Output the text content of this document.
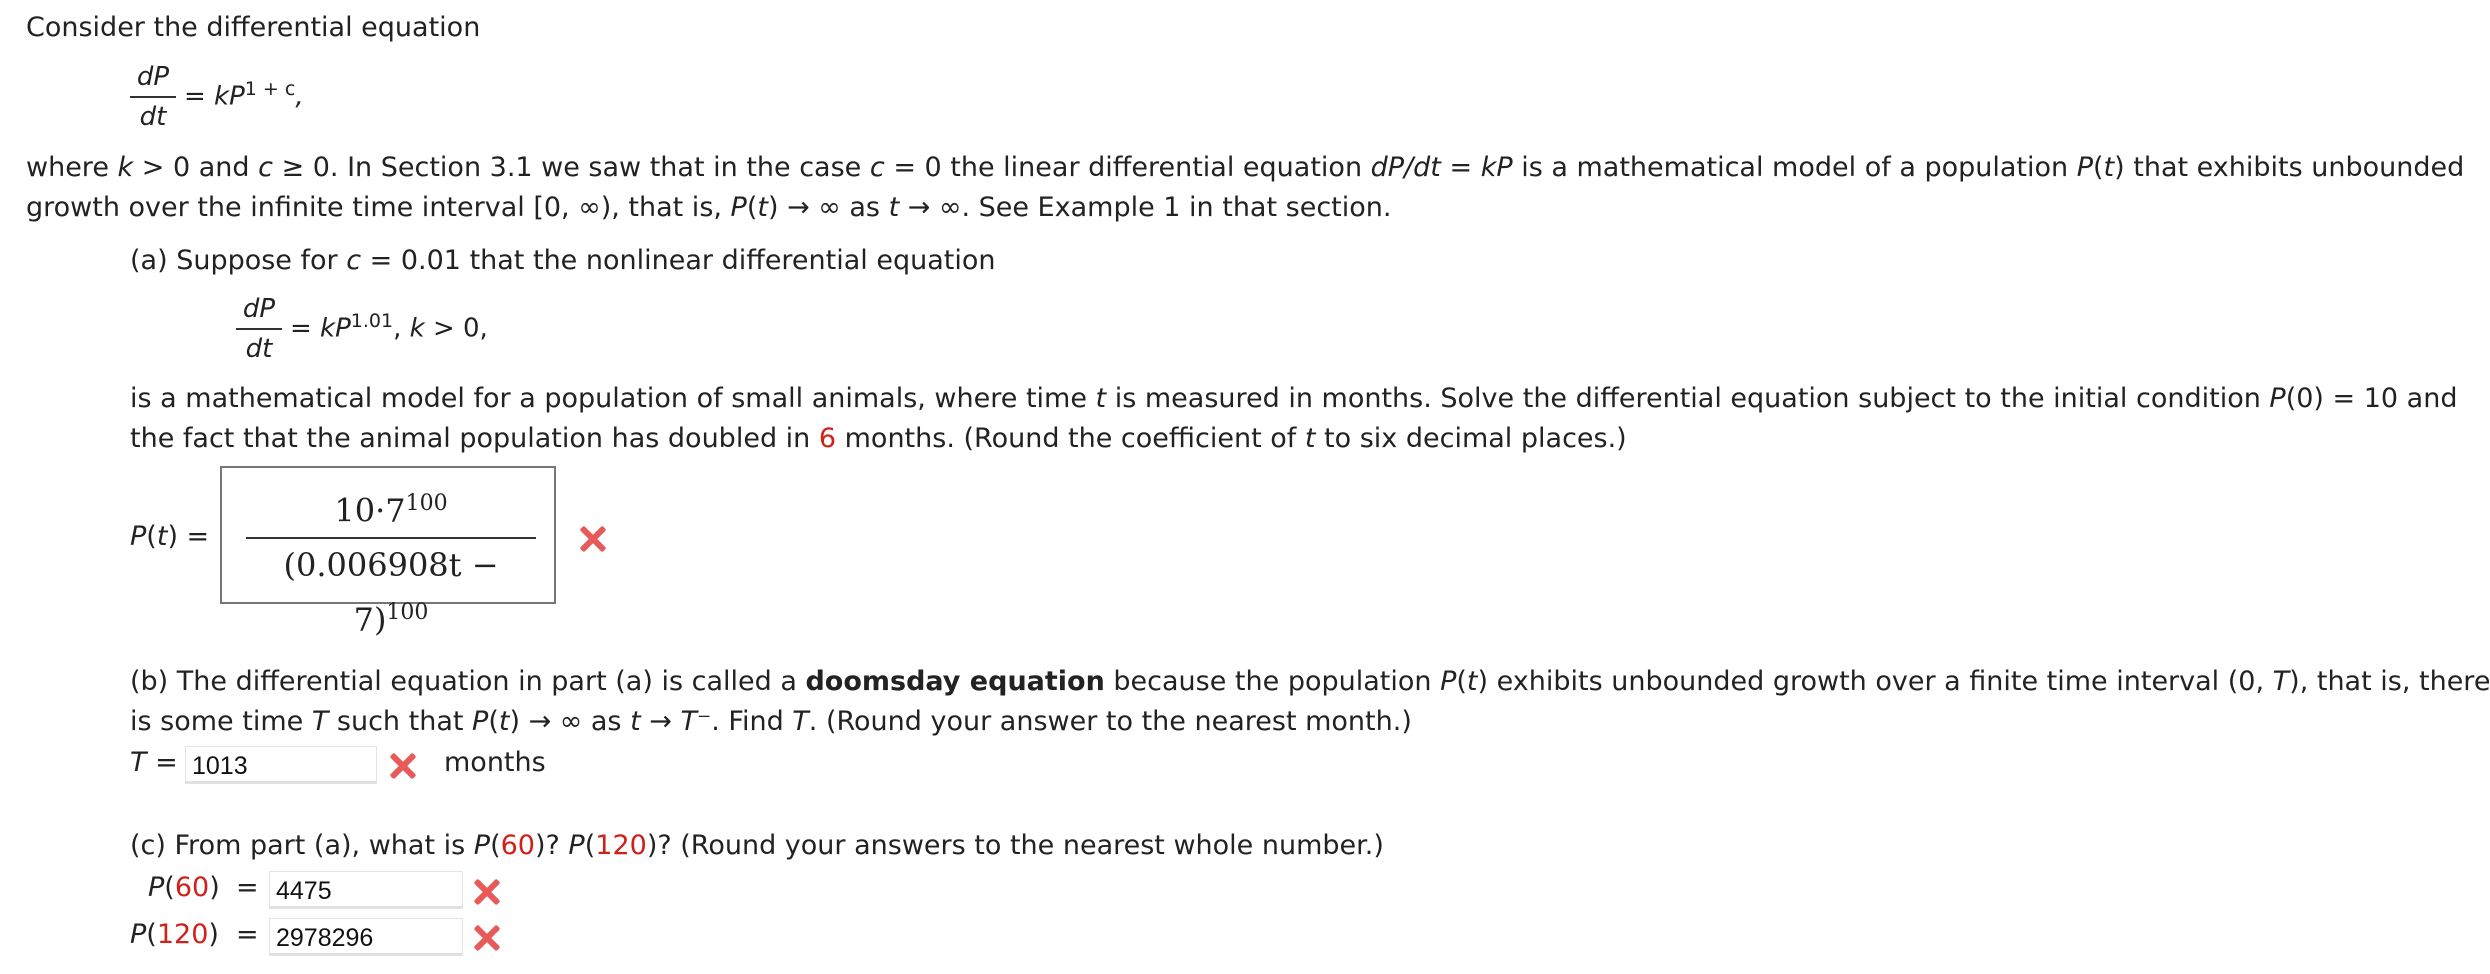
Consider the differential equation
dP
dt
= $kP^{1 + c}$,
where k > 0 and c ≥ 0. In Section 3.1 we saw that in the case c = 0 the linear differential equation dP/dt = kP is a mathematical model of a population P(t) that exhibits unbounded
growth over the infinite time interval [0, ∞), that is, P(t) → ∞ as t → ∞. See Example 1 in that section.
(a) Suppose for c = 0.01 that the nonlinear differential equation
dP
dt
= $kP^{1.01}$, k > 0,
is a mathematical model for a population of small animals, where time t is measured in months. Solve the differential equation subject to the initial condition P(0) = 10 and
the fact that the animal population has doubled in 6 months. (Round the coefficient of t to six decimal places.)
P(t) =
$10\cdot 7^{100}$
$(0.006908t - 7)^{100}$
(b) The differential equation in part (a) is called a doomsday equation because the population P(t) exhibits unbounded growth over a finite time interval (0, T), that is, there
is some time T such that P(t) → ∞ as t → T⁻. Find T. (Round your answer to the nearest month.)
T = 1013	months
(c) From part (a), what is P(60)? P(120)? (Round your answers to the nearest whole number.)
P(60) = 4475
P(120) = 2978296
